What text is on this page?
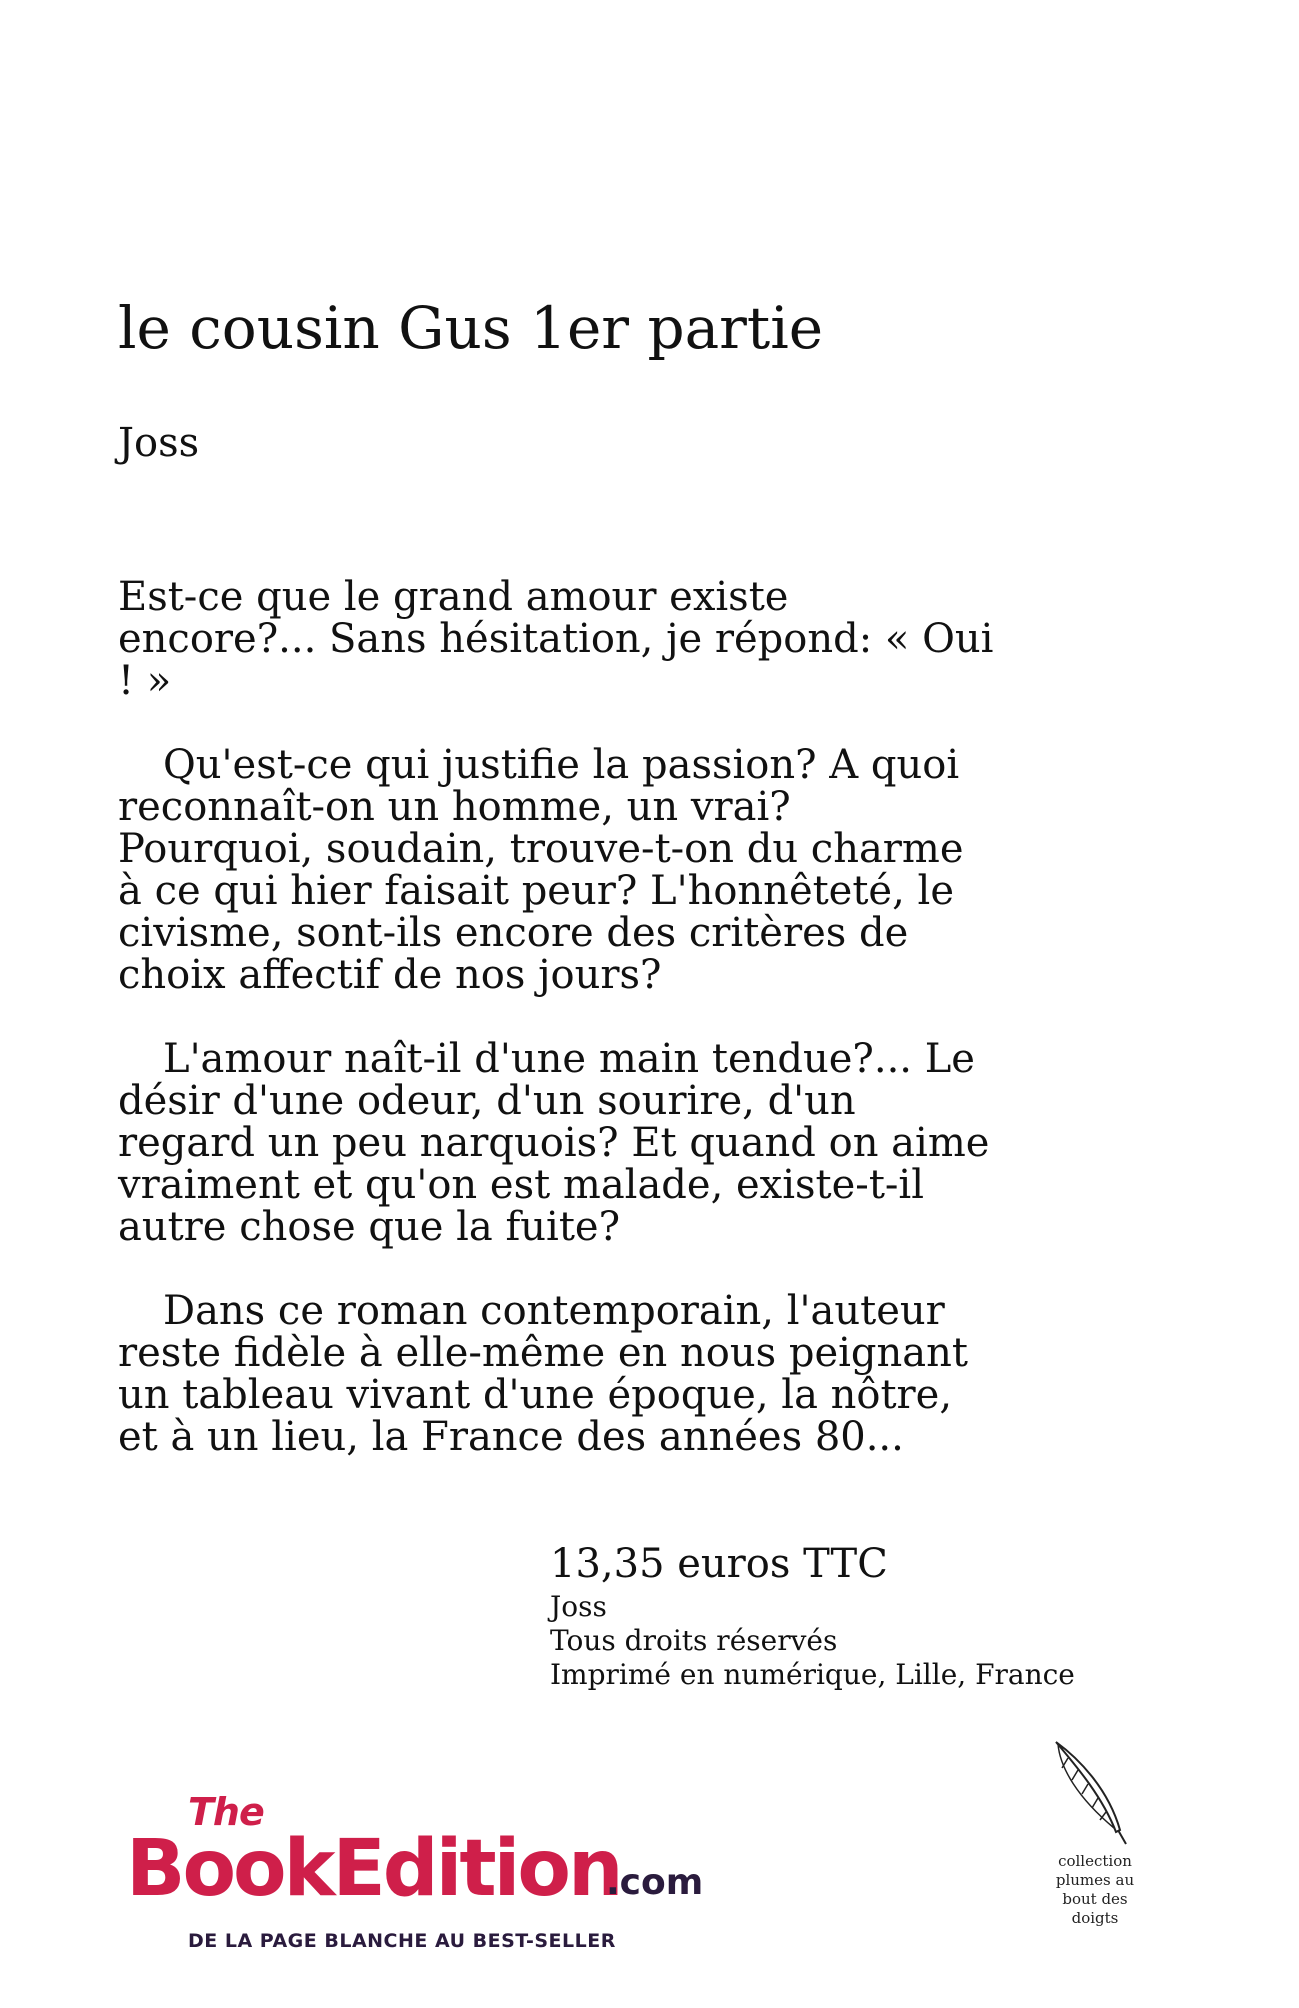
le cousin Gus 1er partie
Joss

Est-ce que le grand amour existe encore?... Sans hésitation, je répond: « Oui ! »

Qu'est-ce qui justifie la passion? A quoi reconnaît-on un homme, un vrai? Pourquoi, soudain, trouve-t-on du charme à ce qui hier faisait peur? L'honnêteté, le civisme, sont-ils encore des critères de choix affectif de nos jours?

L'amour naît-il d'une main tendue?... Le désir d'une odeur, d'un sourire, d'un regard un peu narquois? Et quand on aime vraiment et qu'on est malade, existe-t-il autre chose que la fuite?

Dans ce roman contemporain, l'auteur reste fidèle à elle-même en nous peignant un tableau vivant d'une époque, la nôtre, et à un lieu, la France des années 80...

13,35 euros TTC
Joss
Tous droits réservés
Imprimé en numérique, Lille, France
The
BookEdition
.com
DE LA PAGE BLANCHE AU BEST-SELLER
collection
plumes au
bout des
doigts
